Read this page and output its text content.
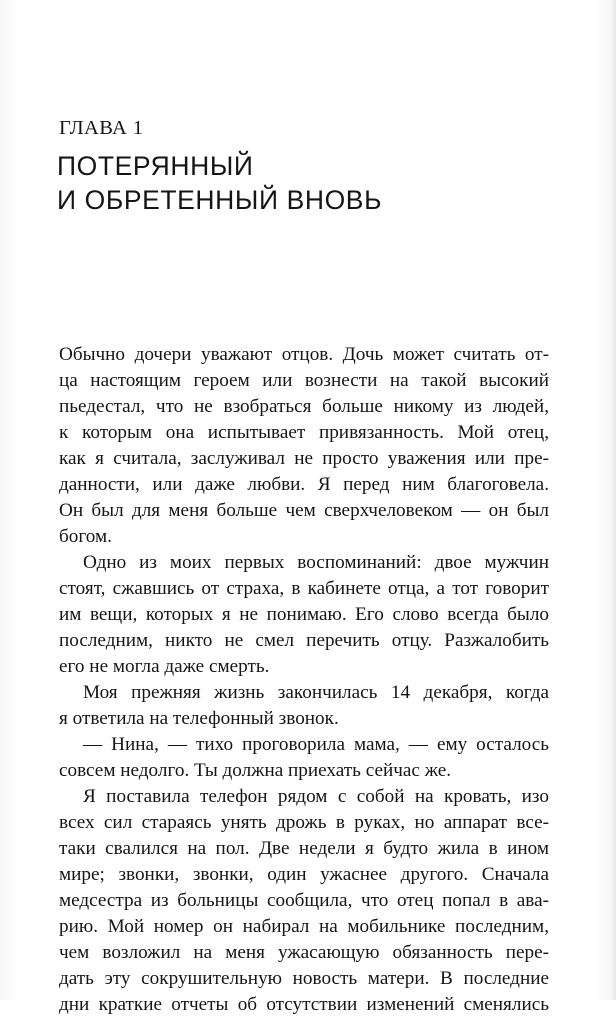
ГЛАВА 1
ПОТЕРЯННЫЙ
И ОБРЕТЕННЫЙ ВНОВЬ

Обычно дочери уважают отцов. Дочь может считать от-
ца настоящим героем или вознести на такой высокий
пьедестал, что не взобраться больше никому из людей,
к которым она испытывает привязанность. Мой отец,
как я считала, заслуживал не просто уважения или пре-
данности, или даже любви. Я перед ним благоговела.
Он был для меня больше чем сверхчеловеком — он был
богом.

Одно из моих первых воспоминаний: двое мужчин
стоят, сжавшись от страха, в кабинете отца, а тот говорит
им вещи, которых я не понимаю. Его слово всегда было
последним, никто не смел перечить отцу. Разжалобить
его не могла даже смерть.

Моя прежняя жизнь закончилась 14 декабря, когда
я ответила на телефонный звонок.

— Нина, — тихо проговорила мама, — ему осталось
совсем недолго. Ты должна приехать сейчас же.

Я поставила телефон рядом с собой на кровать, изо
всех сил стараясь унять дрожь в руках, но аппарат все-
таки свалился на пол. Две недели я будто жила в ином
мире; звонки, звонки, один ужаснее другого. Сначала
медсестра из больницы сообщила, что отец попал в ава-
рию. Мой номер он набирал на мобильнике последним,
чем возложил на меня ужасающую обязанность пере-
дать эту сокрушительную новость матери. В последние
дни краткие отчеты об отсутствии изменений сменялись
